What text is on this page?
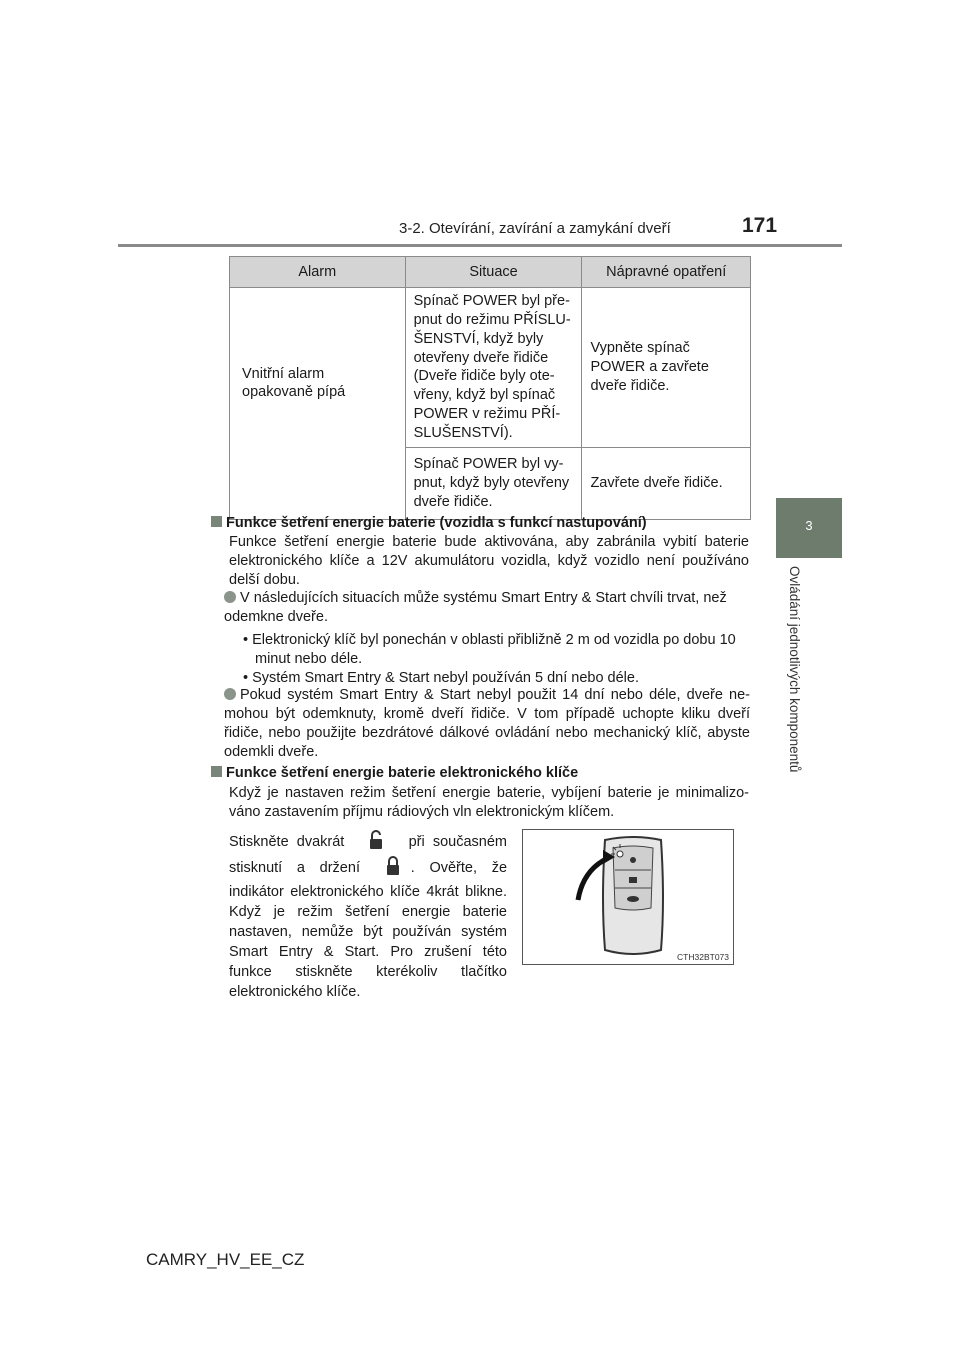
3-2. Otevírání, zavírání a zamykání dveří	171
3
Ovládání jednotlivých komponentů
Alarm	Situace	Nápravné opatření
Vnitřní alarm opakovaně pípá	Spínač POWER byl pře-pnut do režimu PŘÍSLU-ŠENSTVÍ, když byly otevřeny dveře řidiče (Dveře řidiče byly ote-vřeny, když byl spínač POWER v režimu PŘÍ-SLUŠENSTVÍ).	Vypněte spínač POWER a zavřete dveře řidiče.
	Spínač POWER byl vy-pnut, když byly otevřeny dveře řidiče.	Zavřete dveře řidiče.
Funkce šetření energie baterie (vozidla s funkcí nastupování)
Funkce šetření energie baterie bude aktivována, aby zabránila vybití baterie elektronického klíče a 12V akumulátoru vozidla, když vozidlo není používáno delší dobu.
V následujících situacích může systému Smart Entry & Start chvíli trvat, než odemkne dveře.
• Elektronický klíč byl ponechán v oblasti přibližně 2 m od vozidla po dobu 10 minut nebo déle.
• Systém Smart Entry & Start nebyl používán 5 dní nebo déle.
Pokud systém Smart Entry & Start nebyl použit 14 dní nebo déle, dveře ne-mohou být odemknuty, kromě dveří řidiče. V tom případě uchopte kliku dveří řidiče, nebo použijte bezdrátové dálkové ovládání nebo mechanický klíč, abyste odemkli dveře.
Funkce šetření energie baterie elektronického klíče
Když je nastaven režim šetření energie baterie, vybíjení baterie je minimalizo-váno zastavením příjmu rádiových vln elektronickým klíčem.
Stiskněte dvakrát	při současném stisknutí a držení	. Ověřte, že indikátor elektronického klíče 4krát blikne. Když je režim šetření energie baterie nastaven, nemůže být používán systém Smart Entry & Start. Pro zrušení této funkce stiskněte kterékoliv tlačítko elektronického klíče.
CTH32BT073
CAMRY_HV_EE_CZ
